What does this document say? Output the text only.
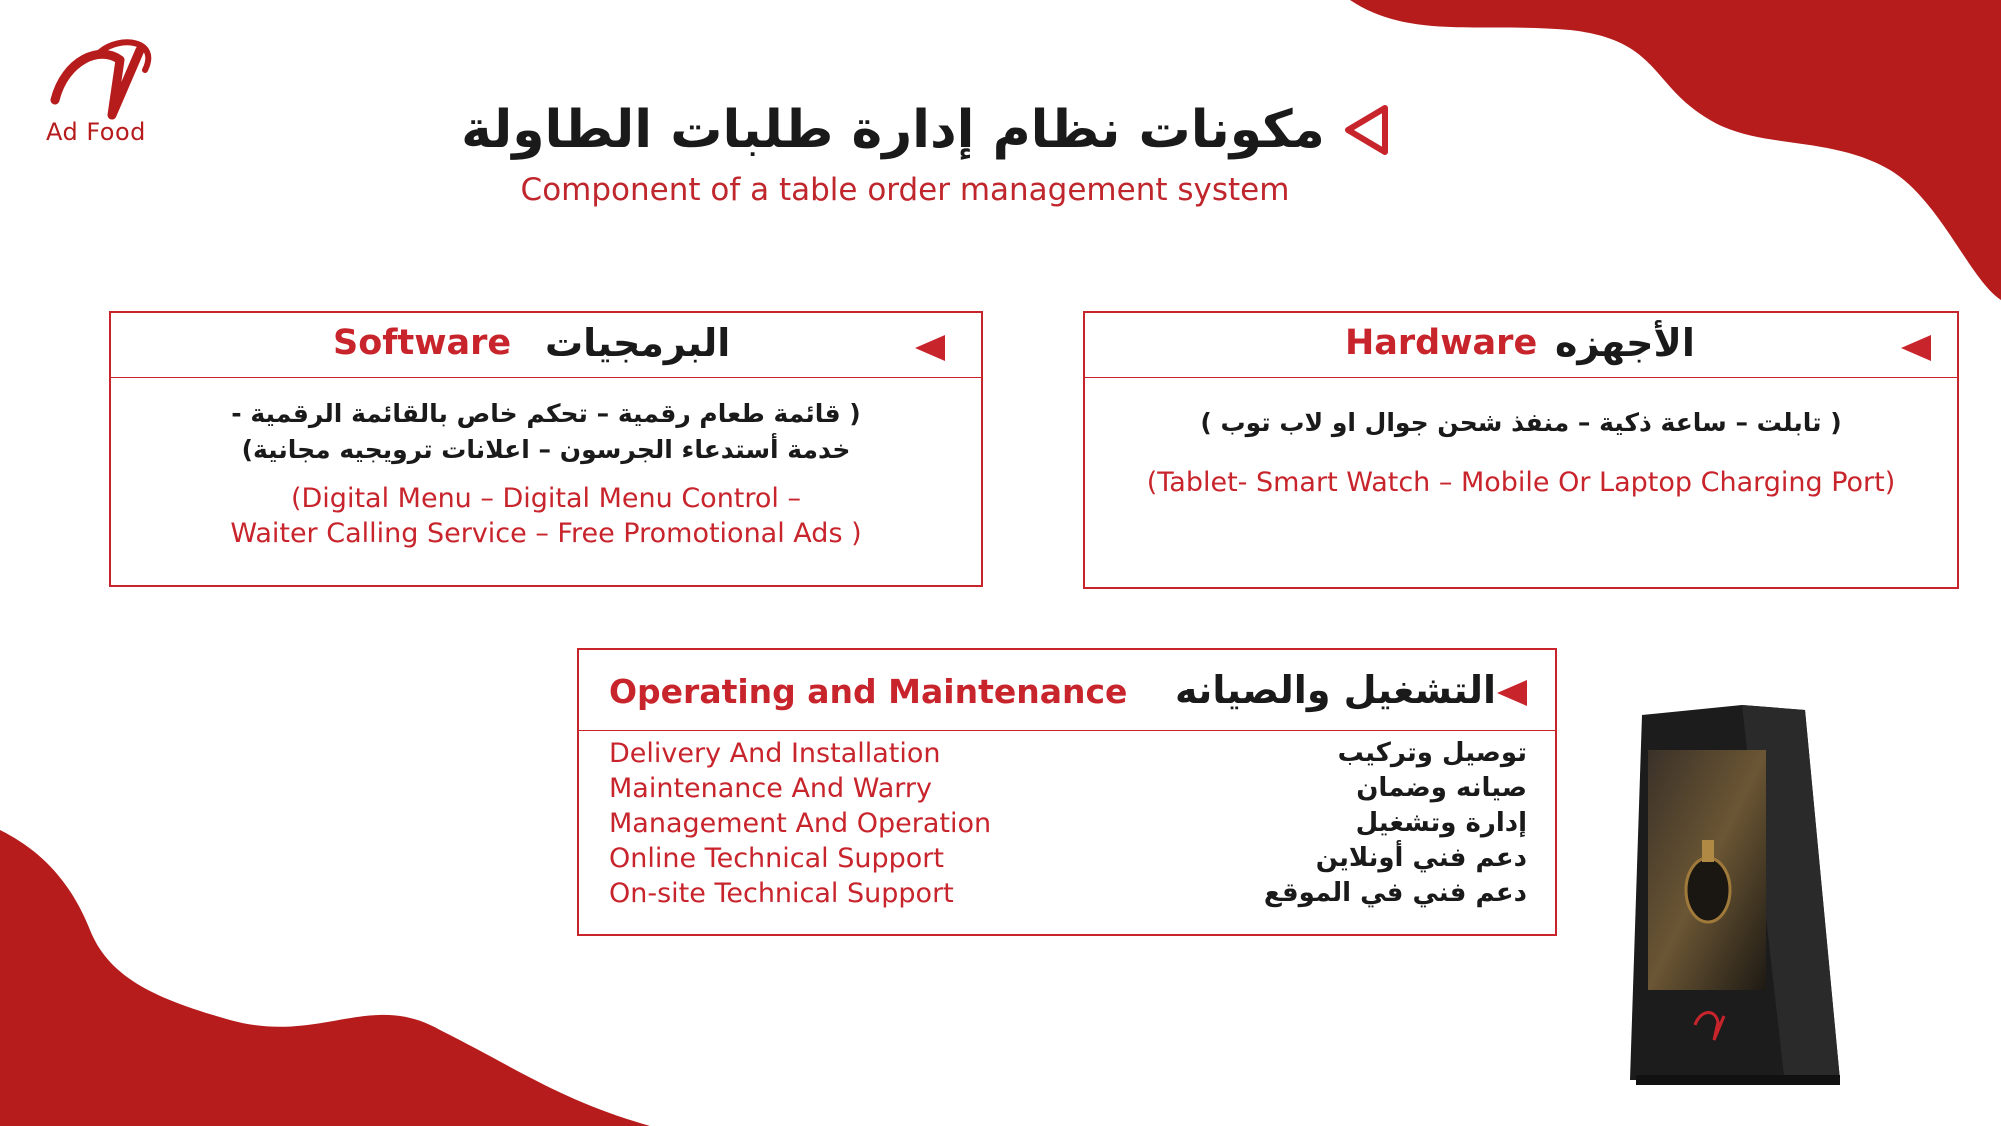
Ad Food	مكونات نظام إدارة طلبات الطاولة
Component of a table order management system
Software البرمجيات
( قائمة طعام رقمية – تحكم خاص بالقائمة الرقمية -
خدمة أستدعاء الجرسون – اعلانات ترويجيه مجانية)
(Digital Menu – Digital Menu Control –
Waiter Calling Service – Free Promotional Ads )
Hardware الأجهزه
( تابلت – ساعة ذكية – منفذ شحن جوال او لاب توب )
(Tablet- Smart Watch – Mobile Or Laptop Charging Port)
Operating and Maintenance التشغيل والصيانه
Delivery And Installation
Maintenance And Warry
Management And Operation
Online Technical Support
On-site Technical Support
توصيل وتركيب
صيانه وضمان
إدارة وتشغيل
دعم فني أونلاين
دعم فني في الموقع
